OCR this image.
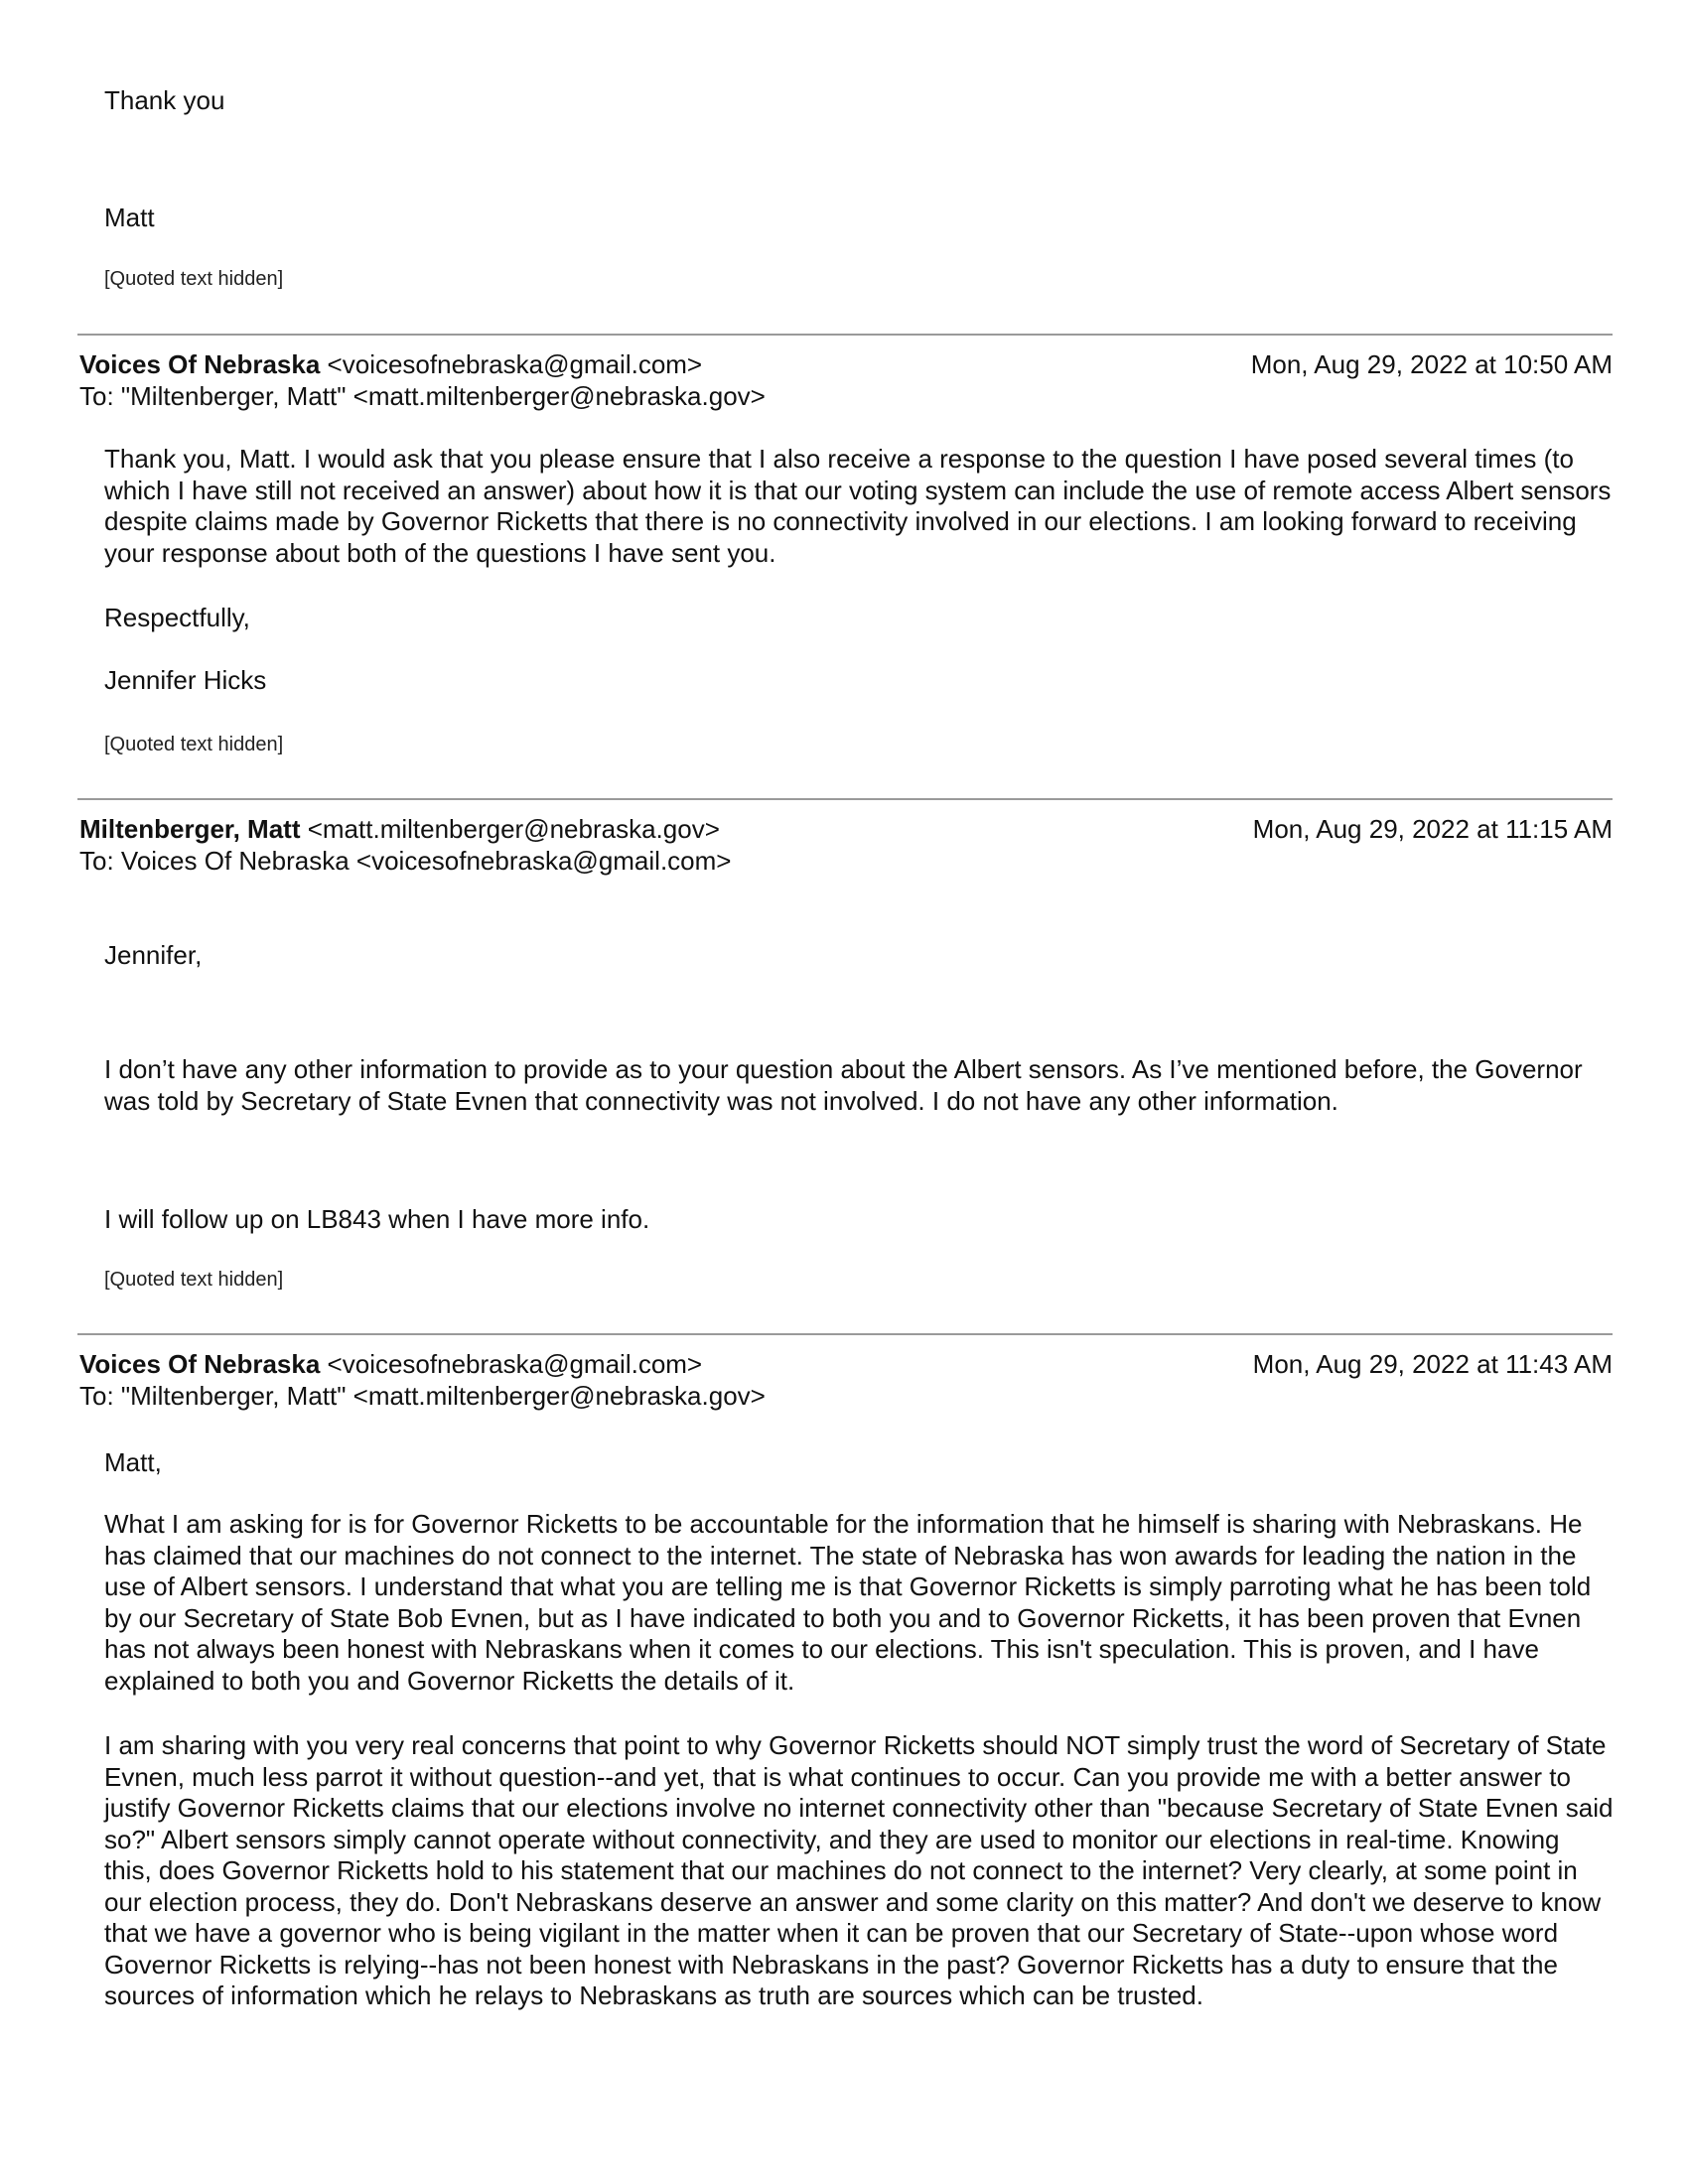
Thank you
Matt
[Quoted text hidden]
Voices Of Nebraska <voicesofnebraska@gmail.com>	Mon, Aug 29, 2022 at 10:50 AM
To: "Miltenberger, Matt" <matt.miltenberger@nebraska.gov>
Thank you, Matt. I would ask that you please ensure that I also receive a response to the question I have posed several times (to which I have still not received an answer) about how it is that our voting system can include the use of remote access Albert sensors despite claims made by Governor Ricketts that there is no connectivity involved in our elections. I am looking forward to receiving your response about both of the questions I have sent you.
Respectfully,
Jennifer Hicks
[Quoted text hidden]
Miltenberger, Matt <matt.miltenberger@nebraska.gov>	Mon, Aug 29, 2022 at 11:15 AM
To: Voices Of Nebraska <voicesofnebraska@gmail.com>
Jennifer,
I don’t have any other information to provide as to your question about the Albert sensors. As I’ve mentioned before, the Governor was told by Secretary of State Evnen that connectivity was not involved. I do not have any other information.
I will follow up on LB843 when I have more info.
[Quoted text hidden]
Voices Of Nebraska <voicesofnebraska@gmail.com>	Mon, Aug 29, 2022 at 11:43 AM
To: "Miltenberger, Matt" <matt.miltenberger@nebraska.gov>
Matt,
What I am asking for is for Governor Ricketts to be accountable for the information that he himself is sharing with Nebraskans. He has claimed that our machines do not connect to the internet. The state of Nebraska has won awards for leading the nation in the use of Albert sensors. I understand that what you are telling me is that Governor Ricketts is simply parroting what he has been told by our Secretary of State Bob Evnen, but as I have indicated to both you and to Governor Ricketts, it has been proven that Evnen has not always been honest with Nebraskans when it comes to our elections. This isn't speculation. This is proven, and I have explained to both you and Governor Ricketts the details of it.
I am sharing with you very real concerns that point to why Governor Ricketts should NOT simply trust the word of Secretary of State Evnen, much less parrot it without question--and yet, that is what continues to occur. Can you provide me with a better answer to justify Governor Ricketts claims that our elections involve no internet connectivity other than "because Secretary of State Evnen said so?" Albert sensors simply cannot operate without connectivity, and they are used to monitor our elections in real-time. Knowing this, does Governor Ricketts hold to his statement that our machines do not connect to the internet? Very clearly, at some point in our election process, they do. Don't Nebraskans deserve an answer and some clarity on this matter? And don't we deserve to know that we have a governor who is being vigilant in the matter when it can be proven that our Secretary of State--upon whose word Governor Ricketts is relying--has not been honest with Nebraskans in the past? Governor Ricketts has a duty to ensure that the sources of information which he relays to Nebraskans as truth are sources which can be trusted.
